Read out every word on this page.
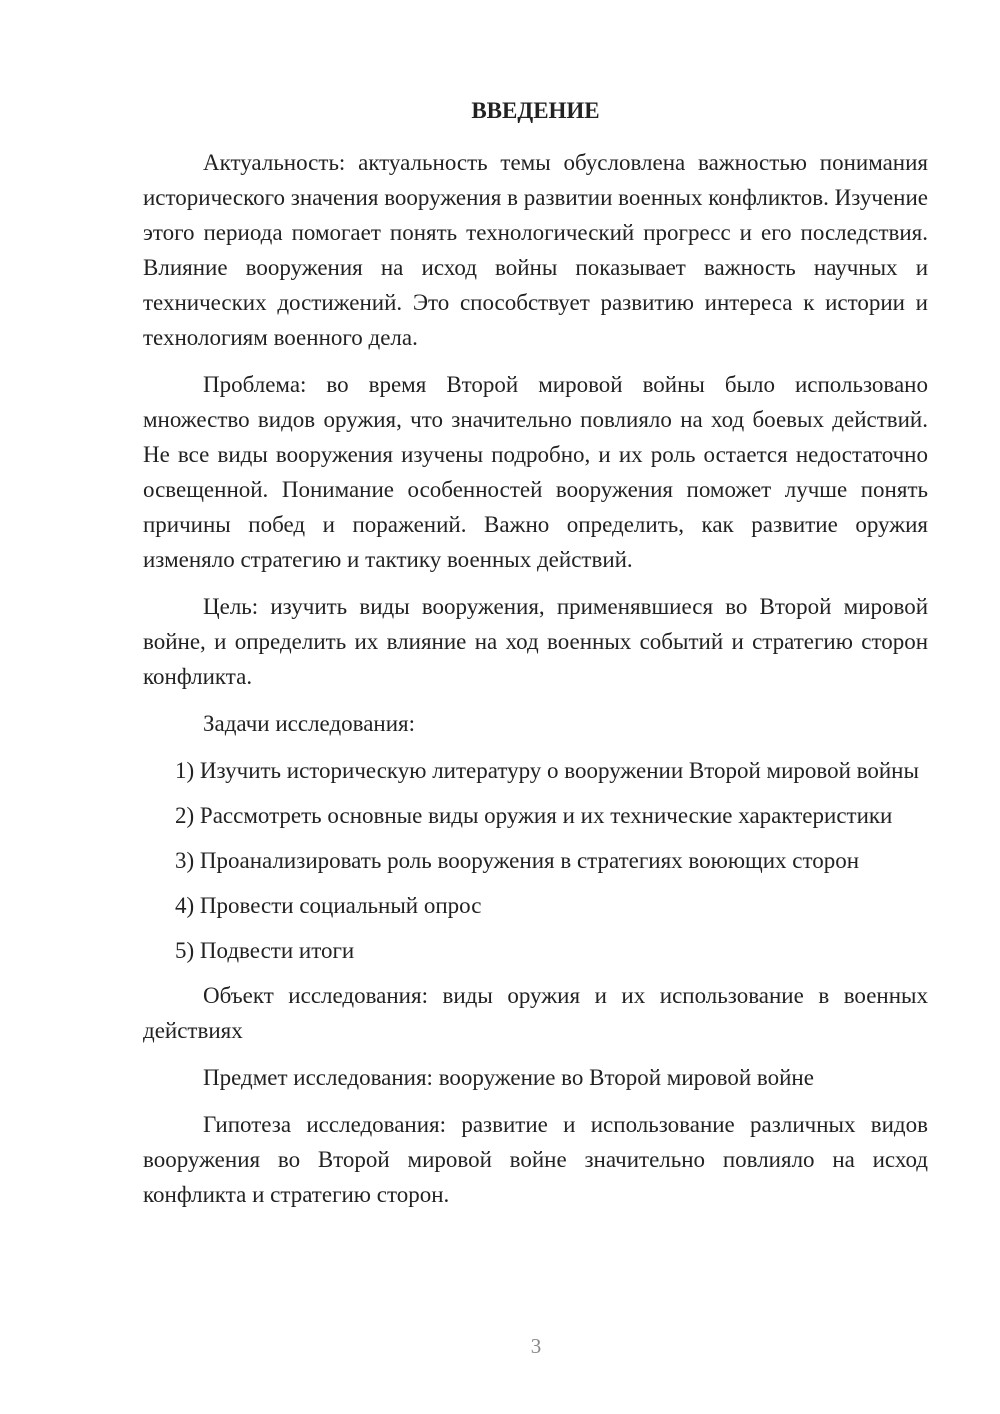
ВВЕДЕНИЕ

Актуальность: актуальность темы обусловлена важностью понимания исторического значения вооружения в развитии военных конфликтов. Изучение этого периода помогает понять технологический прогресс и его последствия. Влияние вооружения на исход войны показывает важность научных и технических достижений. Это способствует развитию интереса к истории и технологиям военного дела.

Проблема: во время Второй мировой войны было использовано множество видов оружия, что значительно повлияло на ход боевых действий. Не все виды вооружения изучены подробно, и их роль остается недостаточно освещенной. Понимание особенностей вооружения поможет лучше понять причины побед и поражений. Важно определить, как развитие оружия изменяло стратегию и тактику военных действий.

Цель: изучить виды вооружения, применявшиеся во Второй мировой войне, и определить их влияние на ход военных событий и стратегию сторон конфликта.

Задачи исследования:

1) Изучить историческую литературу о вооружении Второй мировой войны

2) Рассмотреть основные виды оружия и их технические характеристики

3) Проанализировать роль вооружения в стратегиях воюющих сторон

4) Провести социальный опрос

5) Подвести итоги

Объект исследования: виды оружия и их использование в военных действиях

Предмет исследования: вооружение во Второй мировой войне

Гипотеза исследования: развитие и использование различных видов вооружения во Второй мировой войне значительно повлияло на исход конфликта и стратегию сторон.

3
